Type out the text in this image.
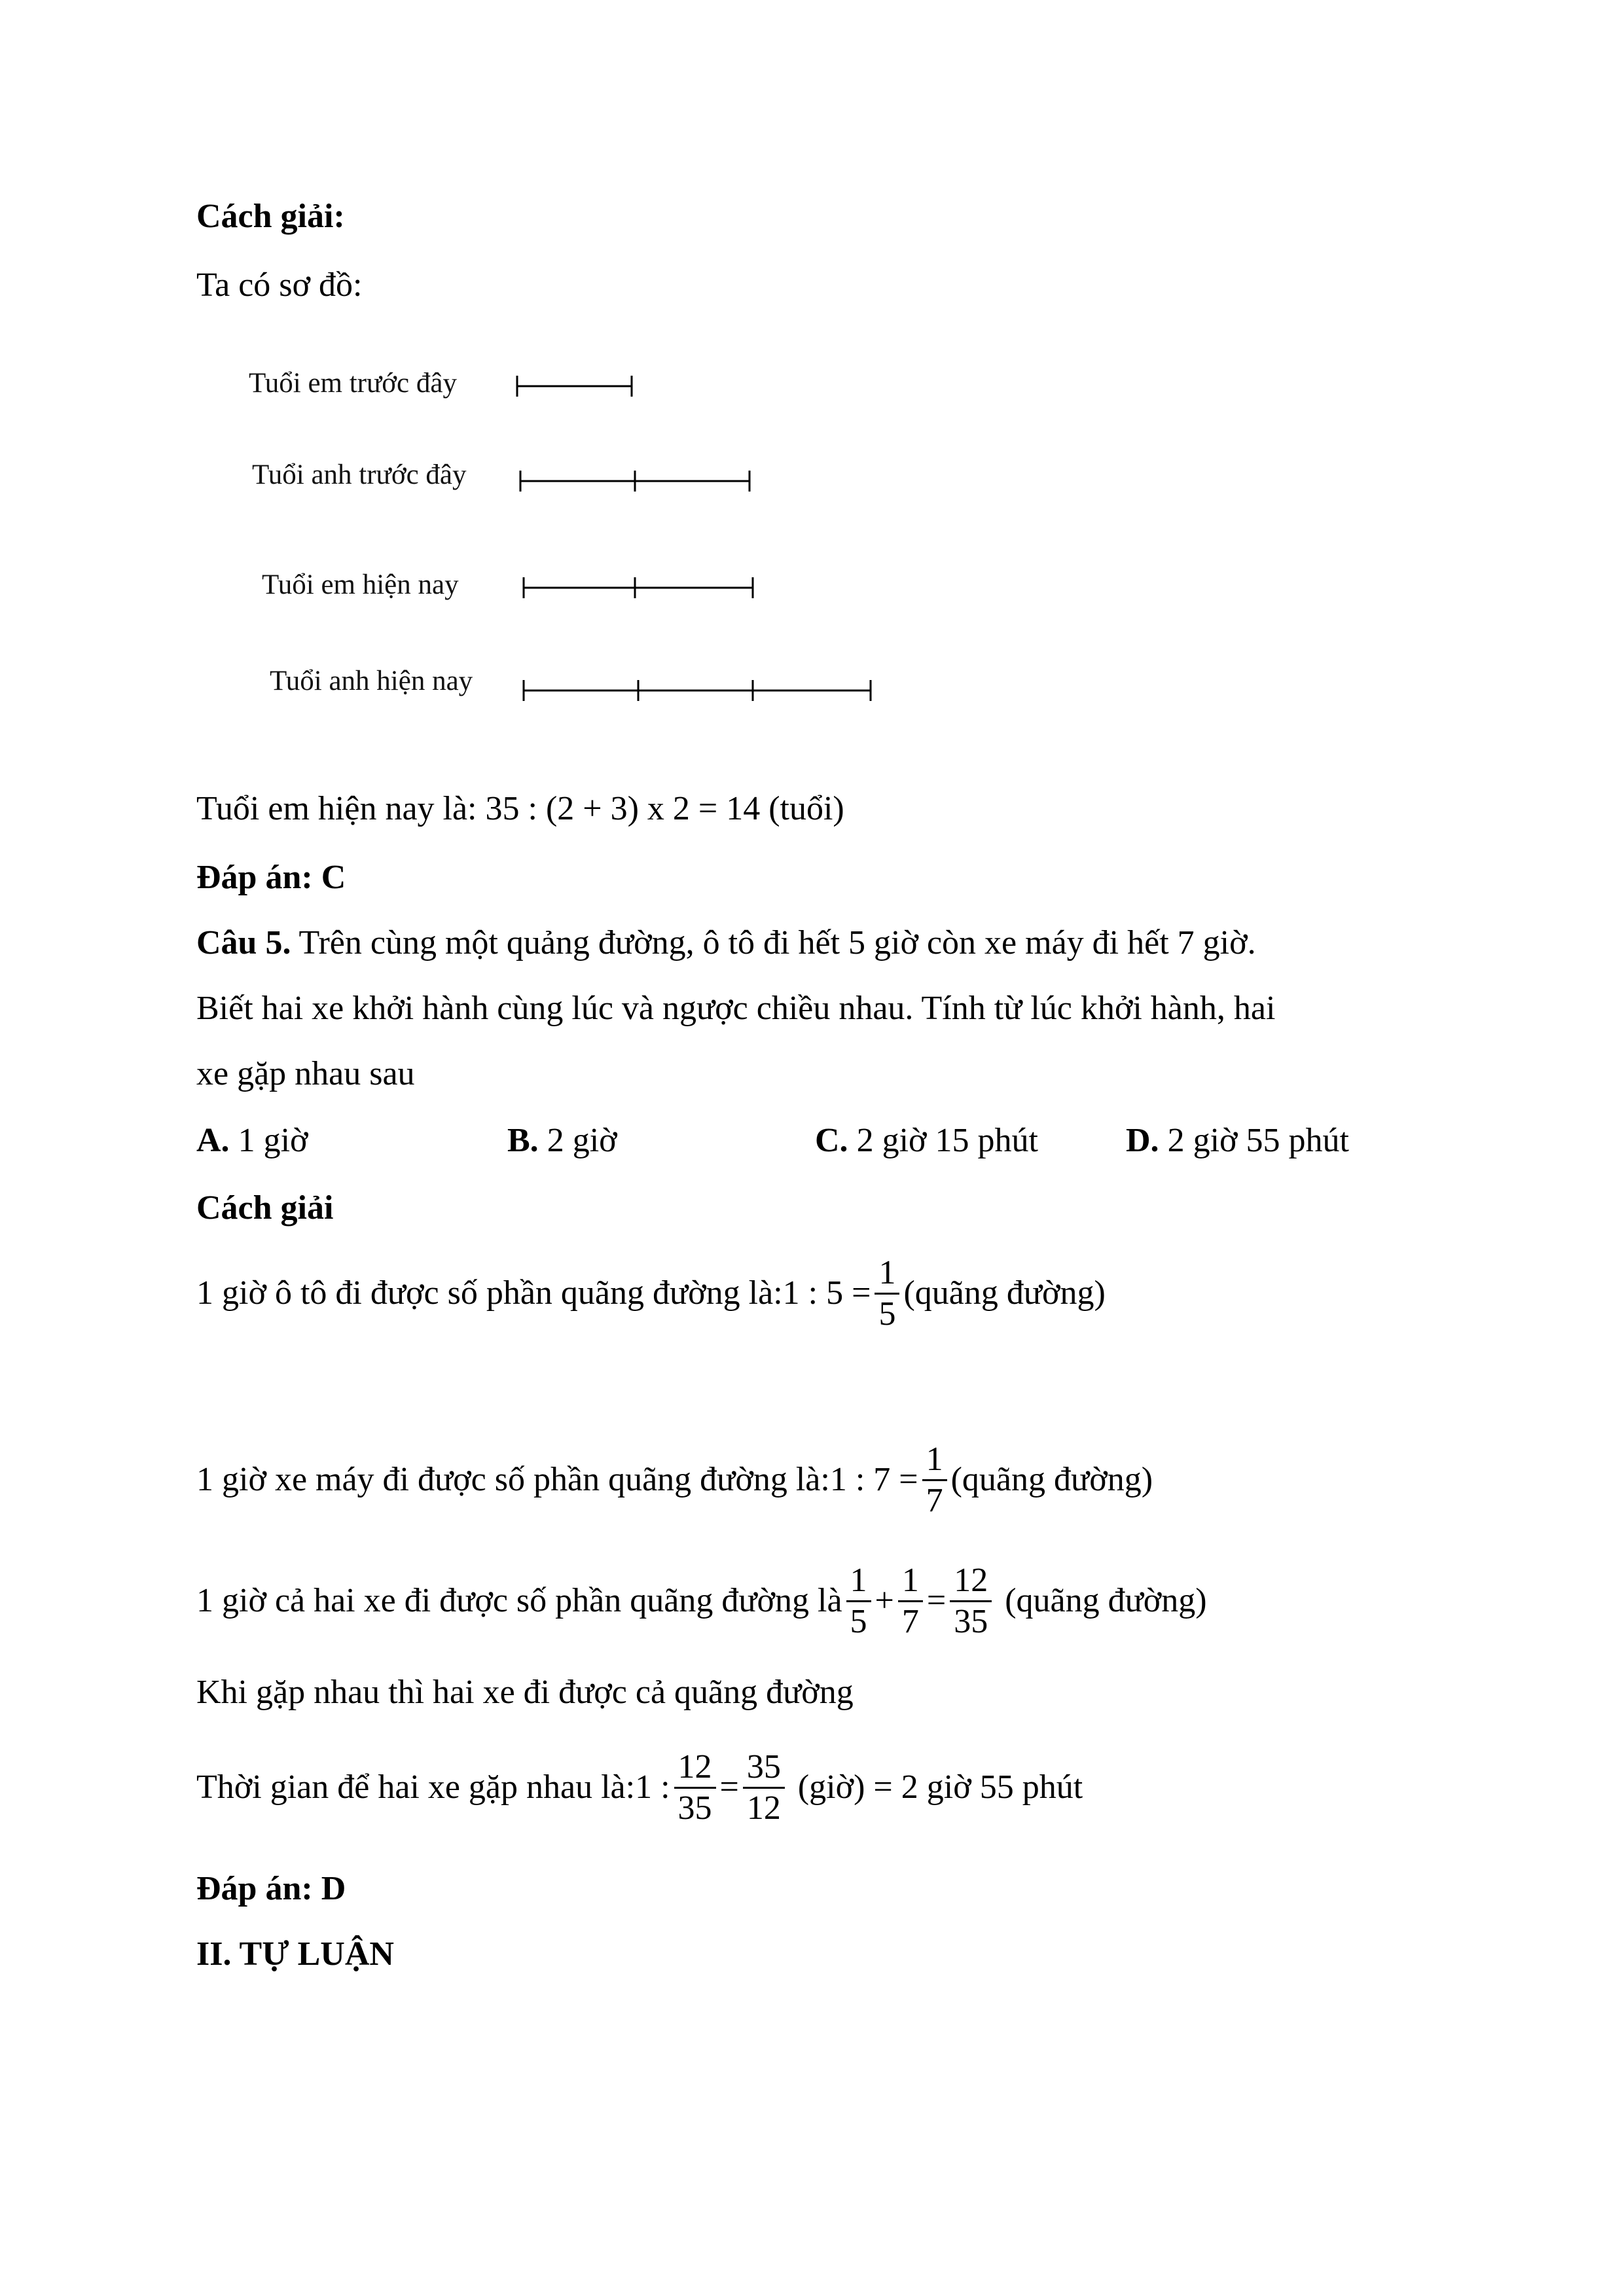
Cách giải:
Ta có sơ đồ:
Tuổi em trước đây
Tuổi anh trước đây
Tuổi em hiện nay
Tuổi anh hiện nay
Tuổi em hiện nay là: 35 : (2 + 3) x 2 = 14 (tuổi)
Đáp án: C
Câu 5. Trên cùng một quảng đường, ô tô đi hết 5 giờ còn xe máy đi hết 7 giờ.
Biết hai xe khởi hành cùng lúc và ngược chiều nhau. Tính từ lúc khởi hành, hai
xe gặp nhau sau
A. 1 giờ	B. 2 giờ	C. 2 giờ 15 phút	D. 2 giờ 55 phút
Cách giải
1 giờ ô tô đi được số phần quãng đường là:1 : $5 = \frac{1}{5}$ (quãng đường)
1 giờ xe máy đi được số phần quãng đường là:1 : $7 = \frac{1}{7}$ (quãng đường)
1 giờ cả hai xe đi được số phần quãng đường là $\frac{1}{5} + \frac{1}{7} = \frac{12}{35}$ (quãng đường)
Khi gặp nhau thì hai xe đi được cả quãng đường
Thời gian để hai xe gặp nhau là:1 : $\frac{12}{35} = \frac{35}{12}$ (giờ) = 2 giờ 55 phút
Đáp án: D
II. TỰ LUẬN
